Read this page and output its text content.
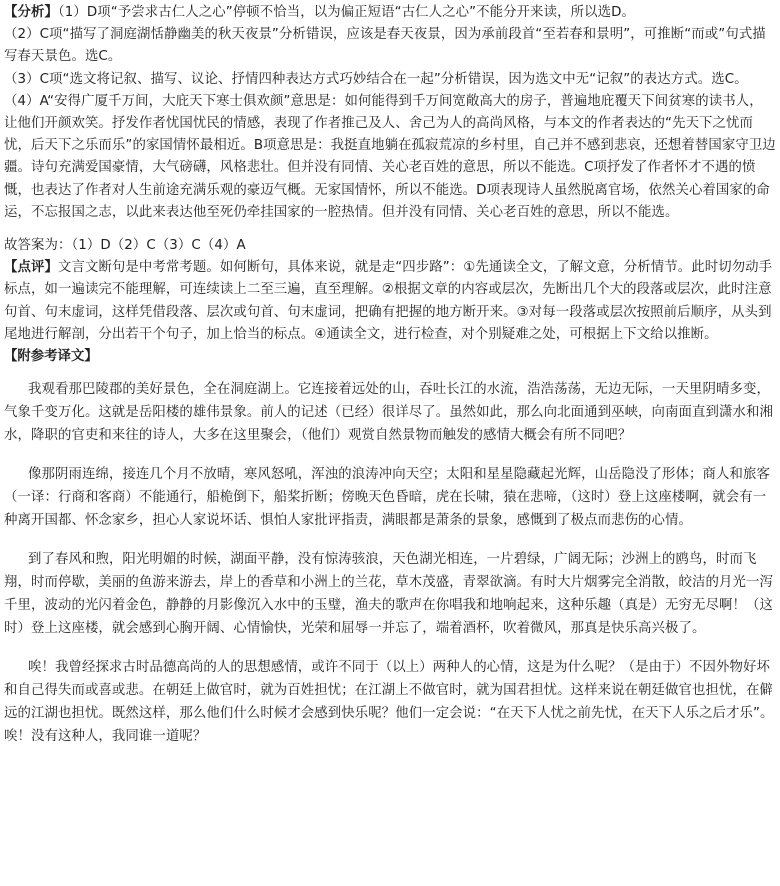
【分析】（1）D项“予尝求古仁人之心”停顿不恰当，以为偏正短语“古仁人之心”不能分开来读，所以选D。

（2）C项“描写了洞庭湖恬静幽美的秋天夜景”分析错误，应该是春天夜景，因为承前段首“至若春和景明”，可推断“而或”句式描写春天景色。选C。

（3）C项“选文将记叙、描写、议论、抒情四种表达方式巧妙结合在一起”分析错误，因为选文中无“记叙”的表达方式。选C。

（4）A“安得广厦千万间，大庇天下寒士俱欢颜”意思是：如何能得到千万间宽敞高大的房子，普遍地庇覆天下间贫寒的读书人，让他们开颜欢笑。抒发作者忧国忧民的情感，表现了作者推己及人、舍己为人的高尚风格，与本文的作者表达的“先天下之忧而忧，后天下之乐而乐”的家国情怀最相近。B项意思是：我挺直地躺在孤寂荒凉的乡村里，自己并不感到悲哀，还想着替国家守卫边疆。诗句充满爱国豪情，大气磅礴，风格悲壮。但并没有同情、关心老百姓的意思，所以不能选。C项抒发了作者怀才不遇的愤慨，也表达了作者对人生前途充满乐观的豪迈气概。无家国情怀，所以不能选。D项表现诗人虽然脱离官场，依然关心着国家的命运，不忘报国之志，以此来表达他至死仍牵挂国家的一腔热情。但并没有同情、关心老百姓的意思，所以不能选。

故答案为：（1）D（2）C（3）C（4）A

【点评】文言文断句是中考常考题。如何断句，具体来说，就是走“四步路”：①先通读全文，了解文意，分析情节。此时切勿动手标点，如一遍读完不能理解，可连续读上二至三遍，直至理解。②根据文章的内容或层次，先断出几个大的段落或层次，此时注意句首、句末虚词，这样凭借段落、层次或句首、句末虚词，把确有把握的地方断开来。③对每一段落或层次按照前后顺序，从头到尾地进行解剖，分出若干个句子，加上恰当的标点。④通读全文，进行检查，对个别疑难之处，可根据上下文给以推断。

【附参考译文】

我观看那巴陵郡的美好景色，全在洞庭湖上。它连接着远处的山，吞吐长江的水流，浩浩荡荡，无边无际，一天里阴晴多变，气象千变万化。这就是岳阳楼的雄伟景象。前人的记述（已经）很详尽了。虽然如此，那么向北面通到巫峡，向南面直到潇水和湘水，降职的官吏和来往的诗人，大多在这里聚会，（他们）观赏自然景物而触发的感情大概会有所不同吧？

像那阴雨连绵，接连几个月不放晴，寒风怒吼，浑浊的浪涛冲向天空；太阳和星星隐藏起光辉，山岳隐没了形体；商人和旅客（一译：行商和客商）不能通行，船桅倒下，船桨折断；傍晚天色昏暗，虎在长啸，猿在悲啼，（这时）登上这座楼啊，就会有一种离开国都、怀念家乡，担心人家说坏话、惧怕人家批评指责，满眼都是萧条的景象，感慨到了极点而悲伤的心情。

到了春风和煦，阳光明媚的时候，湖面平静，没有惊涛骇浪，天色湖光相连，一片碧绿，广阔无际；沙洲上的鸥鸟，时而飞翔，时而停歇，美丽的鱼游来游去，岸上的香草和小洲上的兰花，草木茂盛，青翠欲滴。有时大片烟雾完全消散，皎洁的月光一泻千里，波动的光闪着金色，静静的月影像沉入水中的玉璧，渔夫的歌声在你唱我和地响起来，这种乐趣（真是）无穷无尽啊！（这时）登上这座楼，就会感到心胸开阔、心情愉快，光荣和屈辱一并忘了，端着酒杯，吹着微风，那真是快乐高兴极了。

唉！我曾经探求古时品德高尚的人的思想感情，或许不同于（以上）两种人的心情，这是为什么呢？（是由于）不因外物好坏和自己得失而或喜或悲。在朝廷上做官时，就为百姓担忧；在江湖上不做官时，就为国君担忧。这样来说在朝廷做官也担忧，在僻远的江湖也担忧。既然这样，那么他们什么时候才会感到快乐呢？他们一定会说：“在天下人忧之前先忧，在天下人乐之后才乐”。唉！没有这种人，我同谁一道呢？
